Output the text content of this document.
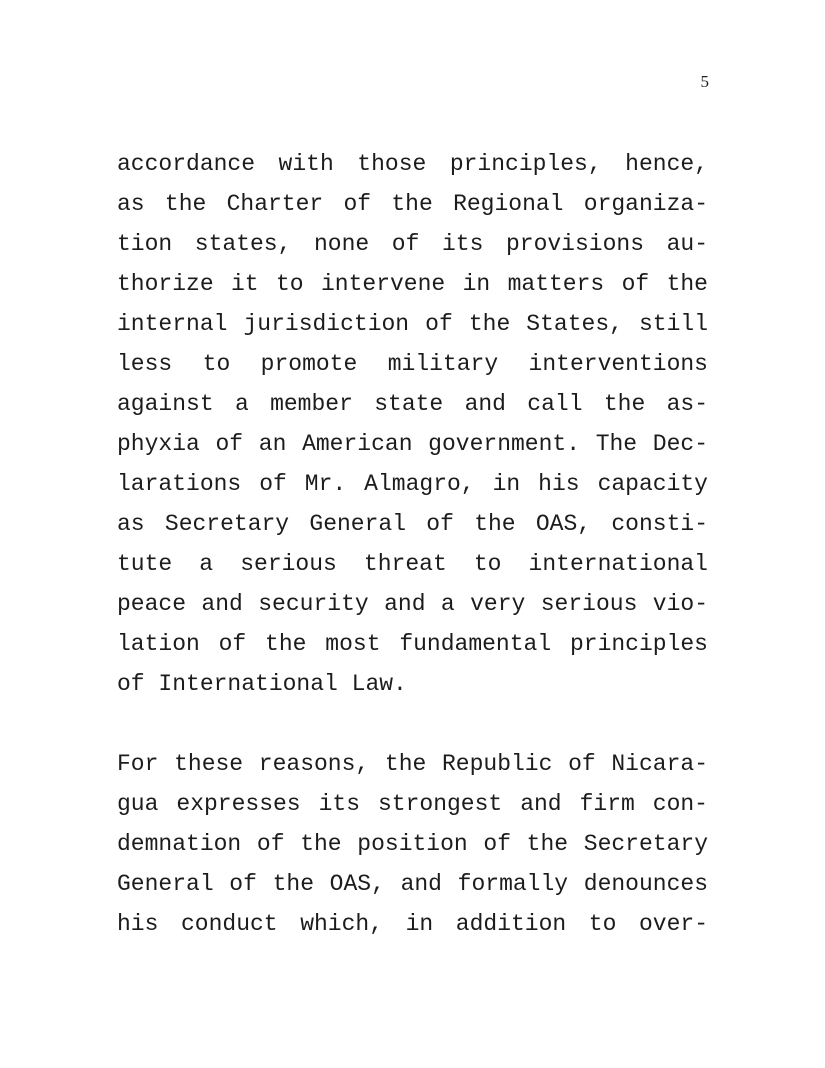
5
accordance with those principles, hence,
as the Charter of the Regional organiza-
tion states, none of its provisions au-
thorize it to intervene in matters of the
internal jurisdiction of the States, still
less to promote military interventions
against a member state and call the as-
phyxia of an American government. The Dec-
larations of Mr. Almagro, in his capacity
as Secretary General of the OAS, consti-
tute a serious threat to international
peace and security and a very serious vio-
lation of the most fundamental principles
of International Law.
For these reasons, the Republic of Nicara-
gua expresses its strongest and firm con-
demnation of the position of the Secretary
General of the OAS, and formally denounces
his conduct which, in addition to over-
